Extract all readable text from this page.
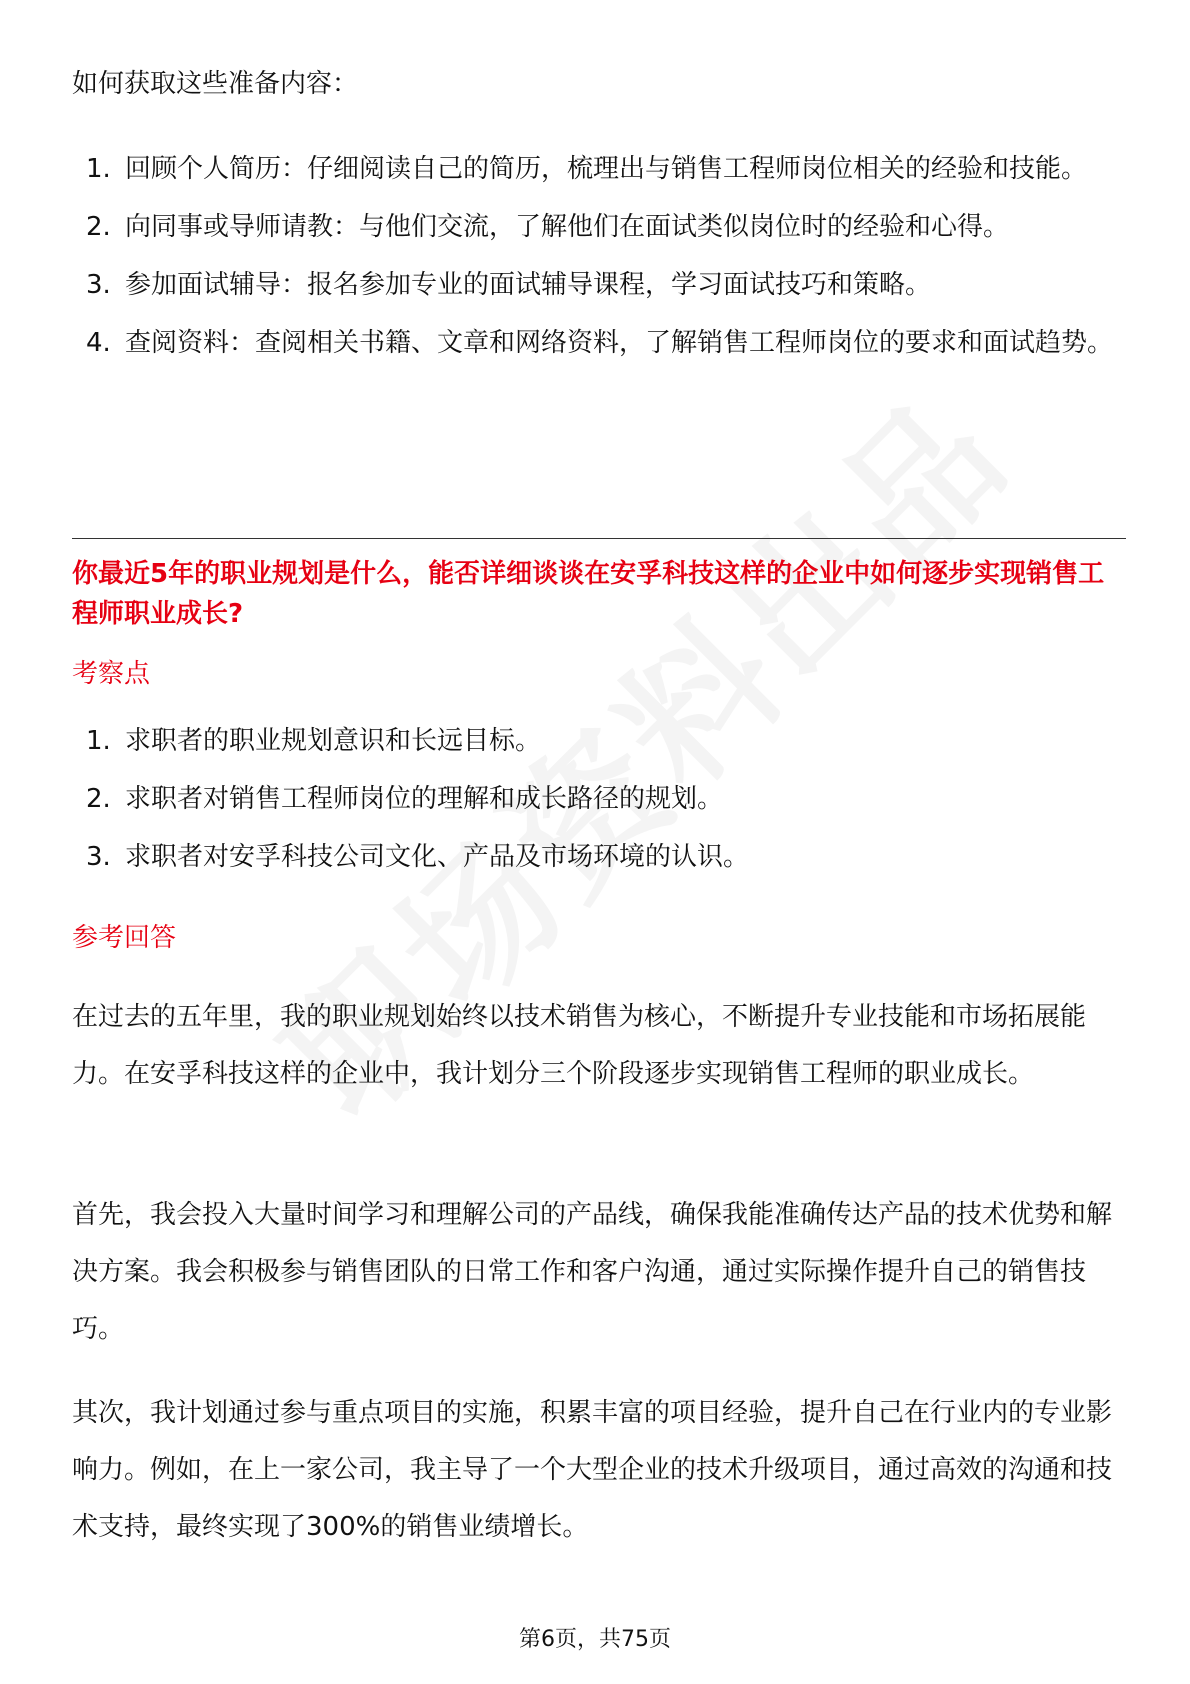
如何获取这些准备内容：
1. 回顾个人简历：仔细阅读自己的简历，梳理出与销售工程师岗位相关的经验和技能。
2. 向同事或导师请教：与他们交流，了解他们在面试类似岗位时的经验和心得。
3. 参加面试辅导：报名参加专业的面试辅导课程，学习面试技巧和策略。
4. 查阅资料：查阅相关书籍、文章和网络资料，了解销售工程师岗位的要求和面试趋势。
你最近5年的职业规划是什么，能否详细谈谈在安孚科技这样的企业中如何逐步实现销售工程师职业成长?
考察点
1. 求职者的职业规划意识和长远目标。
2. 求职者对销售工程师岗位的理解和成长路径的规划。
3. 求职者对安孚科技公司文化、产品及市场环境的认识。
参考回答
在过去的五年里，我的职业规划始终以技术销售为核心，不断提升专业技能和市场拓展能力。在安孚科技这样的企业中，我计划分三个阶段逐步实现销售工程师的职业成长。
首先，我会投入大量时间学习和理解公司的产品线，确保我能准确传达产品的技术优势和解决方案。我会积极参与销售团队的日常工作和客户沟通，通过实际操作提升自己的销售技巧。
其次，我计划通过参与重点项目的实施，积累丰富的项目经验，提升自己在行业内的专业影响力。例如，在上一家公司，我主导了一个大型企业的技术升级项目，通过高效的沟通和技术支持，最终实现了300%的销售业绩增长。
第6页，共75页
